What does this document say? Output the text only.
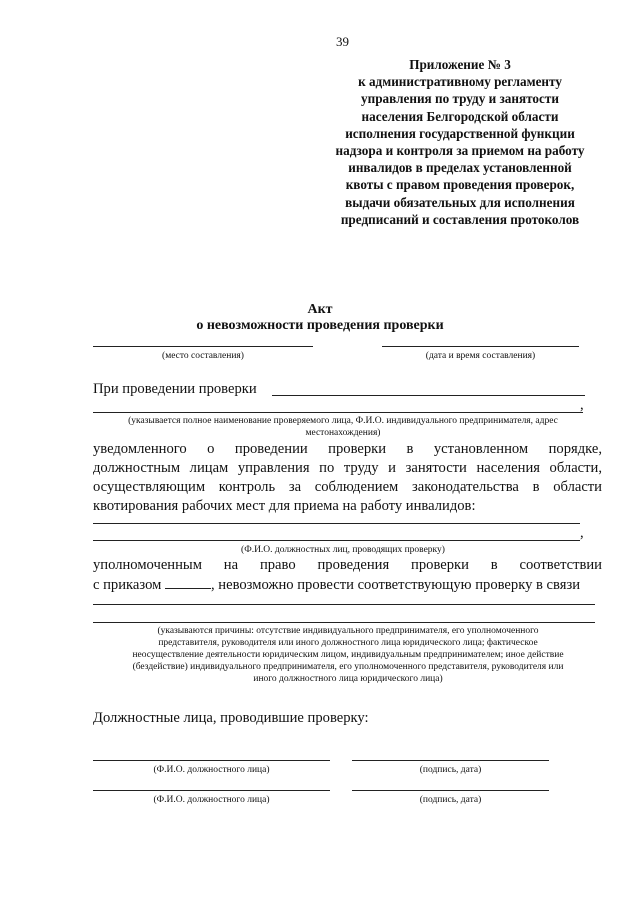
39
Приложение № 3
к административному регламенту
управления по труду и занятости
населения Белгородской области
исполнения государственной функции
надзора и контроля за приемом на работу
инвалидов в пределах установленной
квоты с правом проведения проверок,
выдачи обязательных для исполнения
предписаний и составления протоколов
Акт
о невозможности проведения проверки
(место составления)	(дата и время составления)
При проведении проверки
,
(указывается полное наименование проверяемого лица, Ф.И.О. индивидуального предпринимателя, адрес
местонахождения)
уведомленного о проведении проверки в установленном порядке,
должностным лицам управления по труду и занятости населения области,
осуществляющим контроль за соблюдением законодательства в области
квотирования рабочих мест для приема на работу инвалидов:
,
(Ф.И.О. должностных лиц, проводящих проверку)
уполномоченным на право проведения проверки в соответствии
с приказом	, невозможно провести соответствующую проверку в связи
(указываются причины: отсутствие индивидуального предпринимателя, его уполномоченного
представителя, руководителя или иного должностного лица юридического лица; фактическое
неосуществление деятельности юридическим лицом, индивидуальным предпринимателем; иное действие
(бездействие) индивидуального предпринимателя, его уполномоченного представителя, руководителя или
иного должностного лица юридического лица)
Должностные лица, проводившие проверку:
(Ф.И.О. должностного лица)	(подпись, дата)
(Ф.И.О. должностного лица)	(подпись, дата)
